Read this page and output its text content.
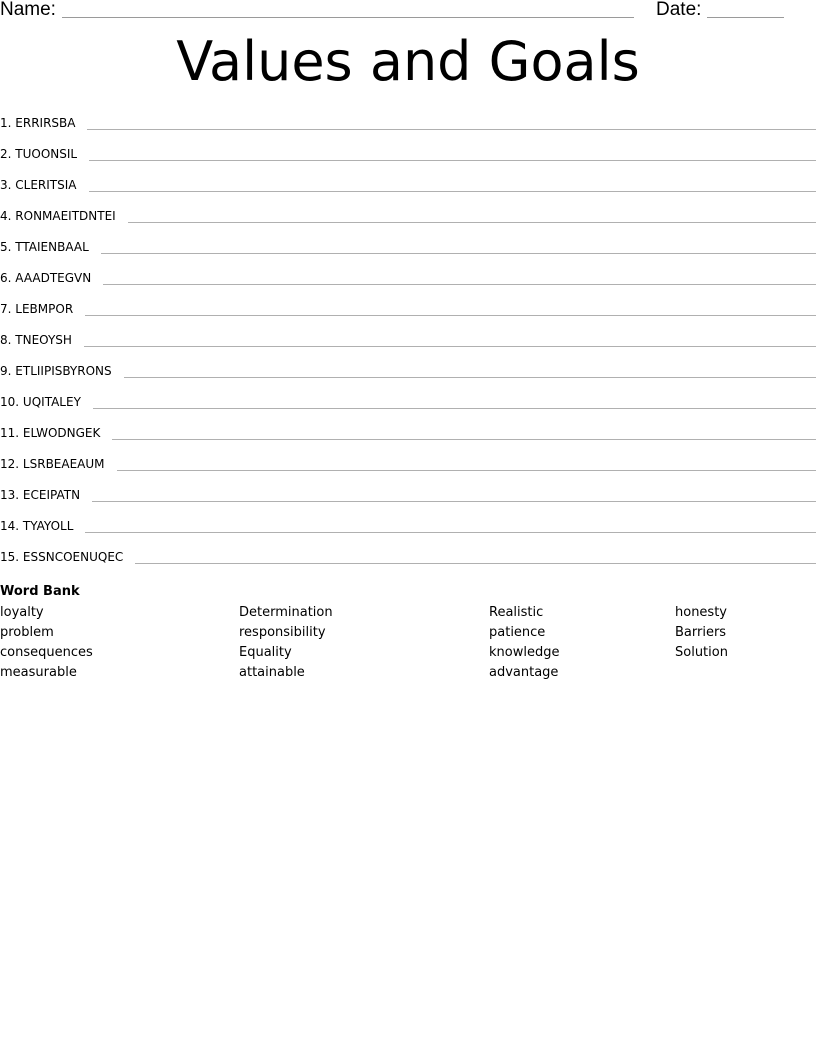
Name:	Date:
Values and Goals
1.
ERRIRSBA
2.
TUOONSIL
3.
CLERITSIA
4.
RONMAEITDNTEI
5.
TTAIENBAAL
6.
AAADTEGVN
7.
LEBMPOR
8.
TNEOYSH
9.
ETLIIPISBYRONS
10.
UQITALEY
11.
ELWODNGEK
12.
LSRBEAEAUM
13.
ECEIPATN
14.
TYAYOLL
15.
ESSNCOENUQEC
Word Bank
loyalty
problem
consequences
measurable
Determination
responsibility
Equality
attainable
Realistic
patience
knowledge
advantage
honesty
Barriers
Solution
